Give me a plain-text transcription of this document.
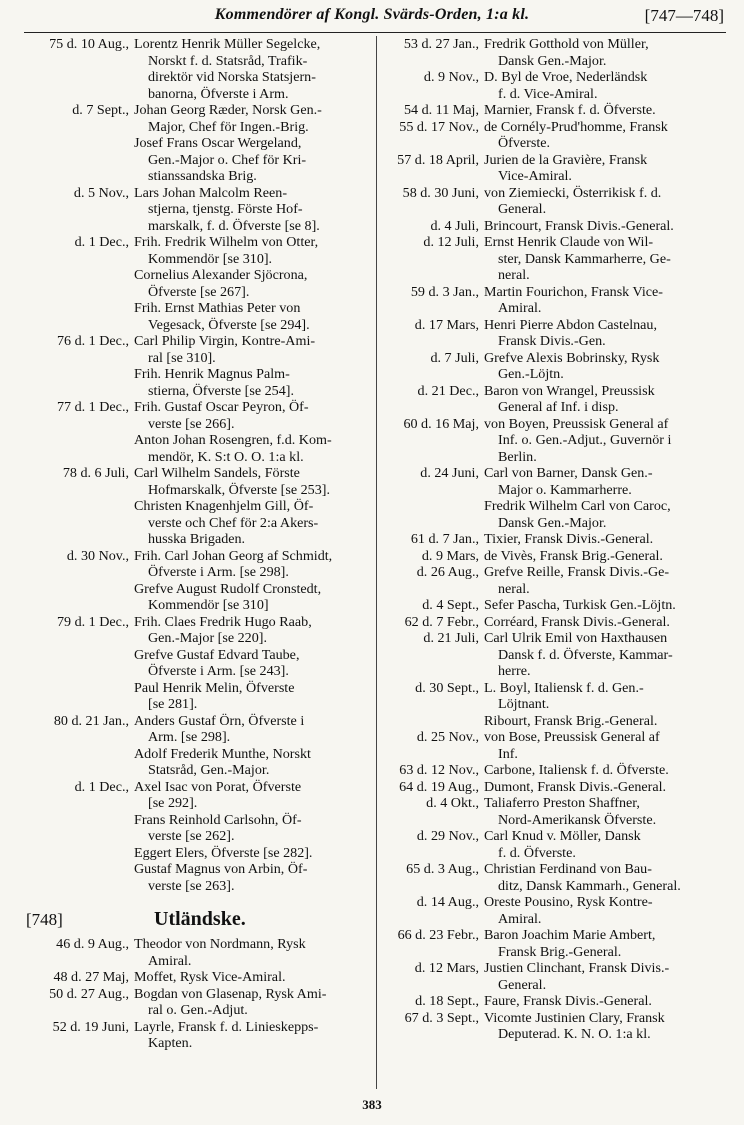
Kommendörer af Kongl. Svärds-Orden, 1:a kl.	[747—748]
75 d. 10 Aug., Lorentz Henrik Müller Segelcke,
Norskt f. d. Statsråd, Trafik-
direktör vid Norska Statsjern-
banorna, Öfverste i Arm.
d. 7 Sept., Johan Georg Ræder, Norsk Gen.-
Major, Chef för Ingen.-Brig.
Josef Frans Oscar Wergeland,
Gen.-Major o. Chef för Kri-
stianssandska Brig.
d. 5 Nov., Lars Johan Malcolm Reen-
stjerna, tjenstg. Förste Hof-
marskalk, f. d. Öfverste [se 8].
d. 1 Dec., Frih. Fredrik Wilhelm von Otter,
Kommendör [se 310].
Cornelius Alexander Sjöcrona,
Öfverste [se 267].
Frih. Ernst Mathias Peter von
Vegesack, Öfverste [se 294].
76 d. 1 Dec., Carl Philip Virgin, Kontre-Ami-
ral [se 310].
Frih. Henrik Magnus Palm-
stierna, Öfverste [se 254].
77 d. 1 Dec., Frih. Gustaf Oscar Peyron, Öf-
verste [se 266].
Anton Johan Rosengren, f.d. Kom-
mendör, K. S:t O. O. 1:a kl.
78 d. 6 Juli, Carl Wilhelm Sandels, Förste
Hofmarskalk, Öfverste [se 253].
Christen Knagenhjelm Gill, Öf-
verste och Chef för 2:a Akers-
husska Brigaden.
d. 30 Nov., Frih. Carl Johan Georg af Schmidt,
Öfverste i Arm. [se 298].
Grefve August Rudolf Cronstedt,
Kommendör [se 310]
79 d. 1 Dec., Frih. Claes Fredrik Hugo Raab,
Gen.-Major [se 220].
Grefve Gustaf Edvard Taube,
Öfverste i Arm. [se 243].
Paul Henrik Melin, Öfverste
[se 281].
80 d. 21 Jan., Anders Gustaf Örn, Öfverste i
Arm. [se 298].
Adolf Frederik Munthe, Norskt
Statsråd, Gen.-Major.
d. 1 Dec., Axel Isac von Porat, Öfverste
[se 292].
Frans Reinhold Carlsohn, Öf-
verste [se 262].
Eggert Elers, Öfverste [se 282].
Gustaf Magnus von Arbin, Öf-
verste [se 263].
[748]	Utländske.
46 d. 9 Aug., Theodor von Nordmann, Rysk
Amiral.
48 d. 27 Maj, Moffet, Rysk Vice-Amiral.
50 d. 27 Aug., Bogdan von Glasenap, Rysk Ami-
ral o. Gen.-Adjut.
52 d. 19 Juni, Layrle, Fransk f. d. Linieskepps-
Kapten.
53 d. 27 Jan., Fredrik Gotthold von Müller,
Dansk Gen.-Major.
d. 9 Nov., D. Byl de Vroe, Nederländsk
f. d. Vice-Amiral.
54 d. 11 Maj, Marnier, Fransk f. d. Öfverste.
55 d. 17 Nov., de Cornély-Prud'homme, Fransk
Öfverste.
57 d. 18 April, Jurien de la Gravière, Fransk
Vice-Amiral.
58 d. 30 Juni, von Ziemiecki, Österrikisk f. d.
General.
d. 4 Juli, Brincourt, Fransk Divis.-General.
d. 12 Juli, Ernst Henrik Claude von Wil-
ster, Dansk Kammarherre, Ge-
neral.
59 d. 3 Jan., Martin Fourichon, Fransk Vice-
Amiral.
d. 17 Mars, Henri Pierre Abdon Castelnau,
Fransk Divis.-Gen.
d. 7 Juli, Grefve Alexis Bobrinsky, Rysk
Gen.-Löjtn.
d. 21 Dec., Baron von Wrangel, Preussisk
General af Inf. i disp.
60 d. 16 Maj, von Boyen, Preussisk General af
Inf. o. Gen.-Adjut., Guvernör i
Berlin.
d. 24 Juni, Carl von Barner, Dansk Gen.-
Major o. Kammarherre.
Fredrik Wilhelm Carl von Caroc,
Dansk Gen.-Major.
61 d. 7 Jan., Tixier, Fransk Divis.-General.
d. 9 Mars, de Vivès, Fransk Brig.-General.
d. 26 Aug., Grefve Reille, Fransk Divis.-Ge-
neral.
d. 4 Sept., Sefer Pascha, Turkisk Gen.-Löjtn.
62 d. 7 Febr., Corréard, Fransk Divis.-General.
d. 21 Juli, Carl Ulrik Emil von Haxthausen
Dansk f. d. Öfverste, Kammar-
herre.
d. 30 Sept., L. Boyl, Italiensk f. d. Gen.-
Löjtnant.
Ribourt, Fransk Brig.-General.
d. 25 Nov., von Bose, Preussisk General af
Inf.
63 d. 12 Nov., Carbone, Italiensk f. d. Öfverste.
64 d. 19 Aug., Dumont, Fransk Divis.-General.
d. 4 Okt., Taliaferro Preston Shaffner,
Nord-Amerikansk Öfverste.
d. 29 Nov., Carl Knud v. Möller, Dansk
f. d. Öfverste.
65 d. 3 Aug., Christian Ferdinand von Bau-
ditz, Dansk Kammarh., General.
d. 14 Aug., Oreste Pousino, Rysk Kontre-
Amiral.
66 d. 23 Febr., Baron Joachim Marie Ambert,
Fransk Brig.-General.
d. 12 Mars, Justien Clinchant, Fransk Divis.-
General.
d. 18 Sept., Faure, Fransk Divis.-General.
67 d. 3 Sept., Vicomte Justinien Clary, Fransk
Deputerad. K. N. O. 1:a kl.
383
